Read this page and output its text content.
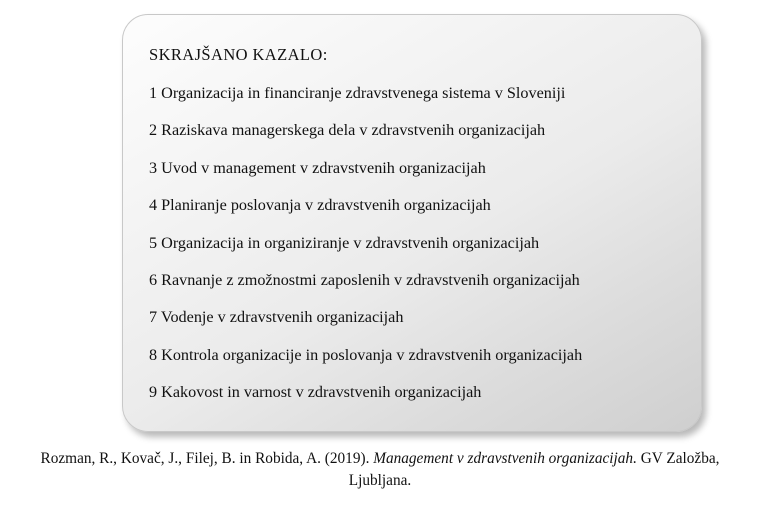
SKRAJŠANO KAZALO:
1 Organizacija in financiranje zdravstvenega sistema v Sloveniji
2 Raziskava managerskega dela v zdravstvenih organizacijah
3 Uvod v management v zdravstvenih organizacijah
4 Planiranje poslovanja v zdravstvenih organizacijah
5 Organizacija in organiziranje v zdravstvenih organizacijah
6 Ravnanje z zmožnostmi zaposlenih v zdravstvenih organizacijah
7 Vodenje v zdravstvenih organizacijah
8 Kontrola organizacije in poslovanja v zdravstvenih organizacijah
9 Kakovost in varnost v zdravstvenih organizacijah
Rozman, R., Kovač, J., Filej, B. in Robida, A. (2019). Management v zdravstvenih organizacijah. GV Založba, Ljubljana.
